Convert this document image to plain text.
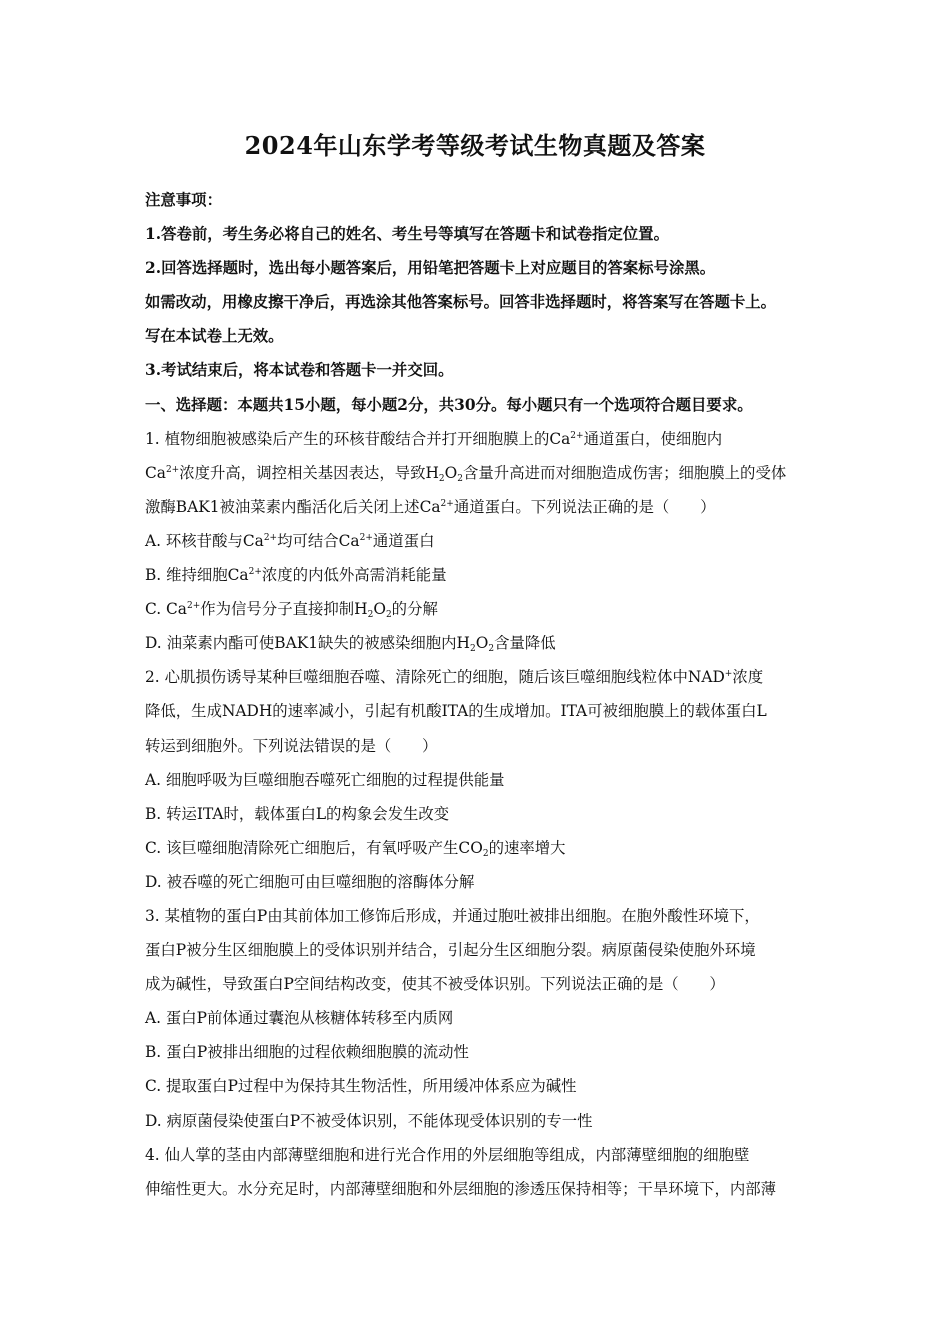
2024年山东学考等级考试生物真题及答案
注意事项：
1.答卷前，考生务必将自己的姓名、考生号等填写在答题卡和试卷指定位置。
2.回答选择题时，选出每小题答案后，用铅笔把答题卡上对应题目的答案标号涂黑。
如需改动，用橡皮擦干净后，再选涂其他答案标号。回答非选择题时，将答案写在答题卡上。
写在本试卷上无效。
3.考试结束后，将本试卷和答题卡一并交回。
一、选择题：本题共15小题，每小题2分，共30分。每小题只有一个选项符合题目要求。
1. 植物细胞被感染后产生的环核苷酸结合并打开细胞膜上的$Ca^{2+}$通道蛋白，使细胞内
$Ca^{2+}$浓度升高，调控相关基因表达，导致$H_2O_2$含量升高进而对细胞造成伤害；细胞膜上的受体
激酶BAK1被油菜素内酯活化后关闭上述$Ca^{2+}$通道蛋白。下列说法正确的是（　　）
A. 环核苷酸与$Ca^{2+}$均可结合$Ca^{2+}$通道蛋白
B. 维持细胞$Ca^{2+}$浓度的内低外高需消耗能量
C. $Ca^{2+}$作为信号分子直接抑制$H_2O_2$的分解
D. 油菜素内酯可使BAK1缺失的被感染细胞内$H_2O_2$含量降低
2. 心肌损伤诱导某种巨噬细胞吞噬、清除死亡的细胞，随后该巨噬细胞线粒体中NAD+浓度
降低，生成NADH的速率减小，引起有机酸ITA的生成增加。ITA可被细胞膜上的载体蛋白L
转运到细胞外。下列说法错误的是（　　）
A. 细胞呼吸为巨噬细胞吞噬死亡细胞的过程提供能量
B. 转运ITA时，载体蛋白L的构象会发生改变
C. 该巨噬细胞清除死亡细胞后，有氧呼吸产生$CO_2$的速率增大
D. 被吞噬的死亡细胞可由巨噬细胞的溶酶体分解
3. 某植物的蛋白P由其前体加工修饰后形成，并通过胞吐被排出细胞。在胞外酸性环境下，
蛋白P被分生区细胞膜上的受体识别并结合，引起分生区细胞分裂。病原菌侵染使胞外环境
成为碱性，导致蛋白P空间结构改变，使其不被受体识别。下列说法正确的是（　　）
A. 蛋白P前体通过囊泡从核糖体转移至内质网
B. 蛋白P被排出细胞的过程依赖细胞膜的流动性
C. 提取蛋白P过程中为保持其生物活性，所用缓冲体系应为碱性
D. 病原菌侵染使蛋白P不被受体识别，不能体现受体识别的专一性
4. 仙人掌的茎由内部薄壁细胞和进行光合作用的外层细胞等组成，内部薄壁细胞的细胞壁
伸缩性更大。水分充足时，内部薄壁细胞和外层细胞的渗透压保持相等；干旱环境下，内部薄
